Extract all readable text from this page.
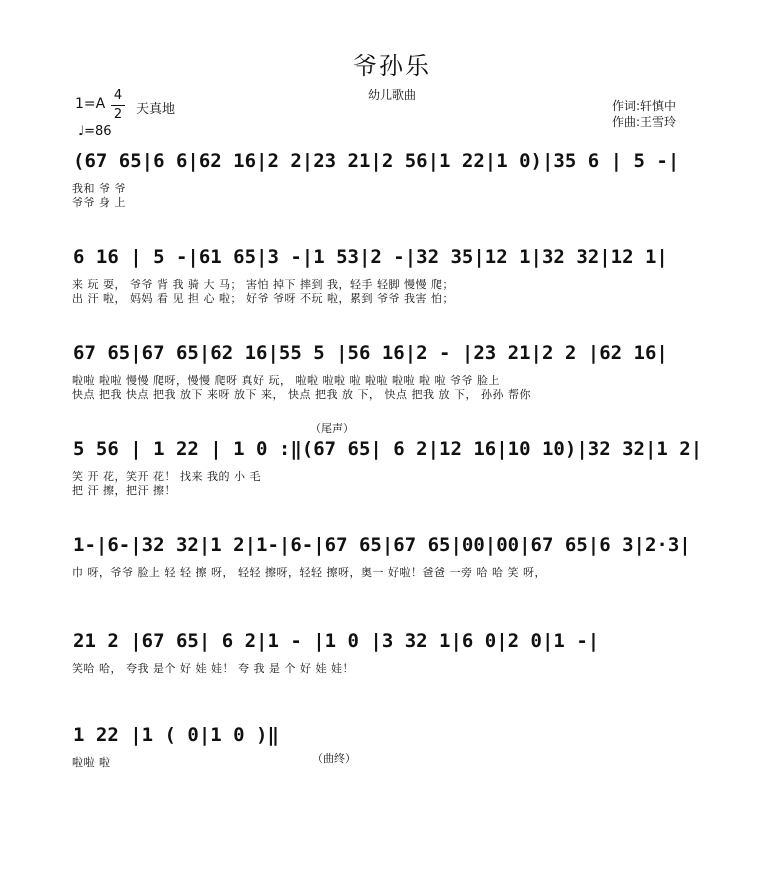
爷孙乐
幼儿歌曲
1=A
4
2 天真地
♩=86
作词:轩慎中
作曲:王雪玲
(67 65|6 6|62 16|2 2|23 21|2 56|1 22|1 0)|35 6 | 5 -|
我和 爷 爷
爷爷 身 上
6 16 | 5 -|61 65|3 -|1 53|2 -|32 35|12 1|32 32|12 1|
来 玩 耍， 爷爷 背 我 骑 大 马； 害怕 掉下 摔到 我，轻手 轻脚 慢慢 爬；
出 汗 啦， 妈妈 看 见 担 心 啦； 好爷 爷呀 不玩 啦，累到 爷爷 我害 怕；
67 65|67 65|62 16|55 5 |56 16|2 - |23 21|2 2 |62 16|
啦啦 啦啦 慢慢 爬呀，慢慢 爬呀 真好 玩， 啦啦 啦啦 啦 啦啦 啦啦 啦 啦 爷爷 脸上
快点 把我 快点 把我 放下 来呀 放下 来， 快点 把我 放 下， 快点 把我 放 下， 孙孙 帮你
（尾声）
5 56 | 1 22 | 1 0 :‖(67 65| 6 2|12 16|10 10)|32 32|1 2|
笑 开 花，笑开 花！ 找来 我的 小 毛
把 汗 擦，把汗 擦！
1-|6-|32 32|1 2|1-|6-|67 65|67 65|00|00|67 65|6 3|2·3|
巾 呀，爷爷 脸上 轻 轻 擦 呀， 轻轻 擦呀，轻轻 擦呀，奥一 好啦！爸爸 一旁 哈 哈 笑 呀，
21 2 |67 65| 6 2|1 - |1 0 |3 32 1|6 0|2 0|1 -|
笑哈 哈， 夸我 是个 好 娃 娃！ 夸 我 是 个 好 娃 娃！
1 22 |1 ( 0|1 0 )‖
啦啦 啦	（曲终）
